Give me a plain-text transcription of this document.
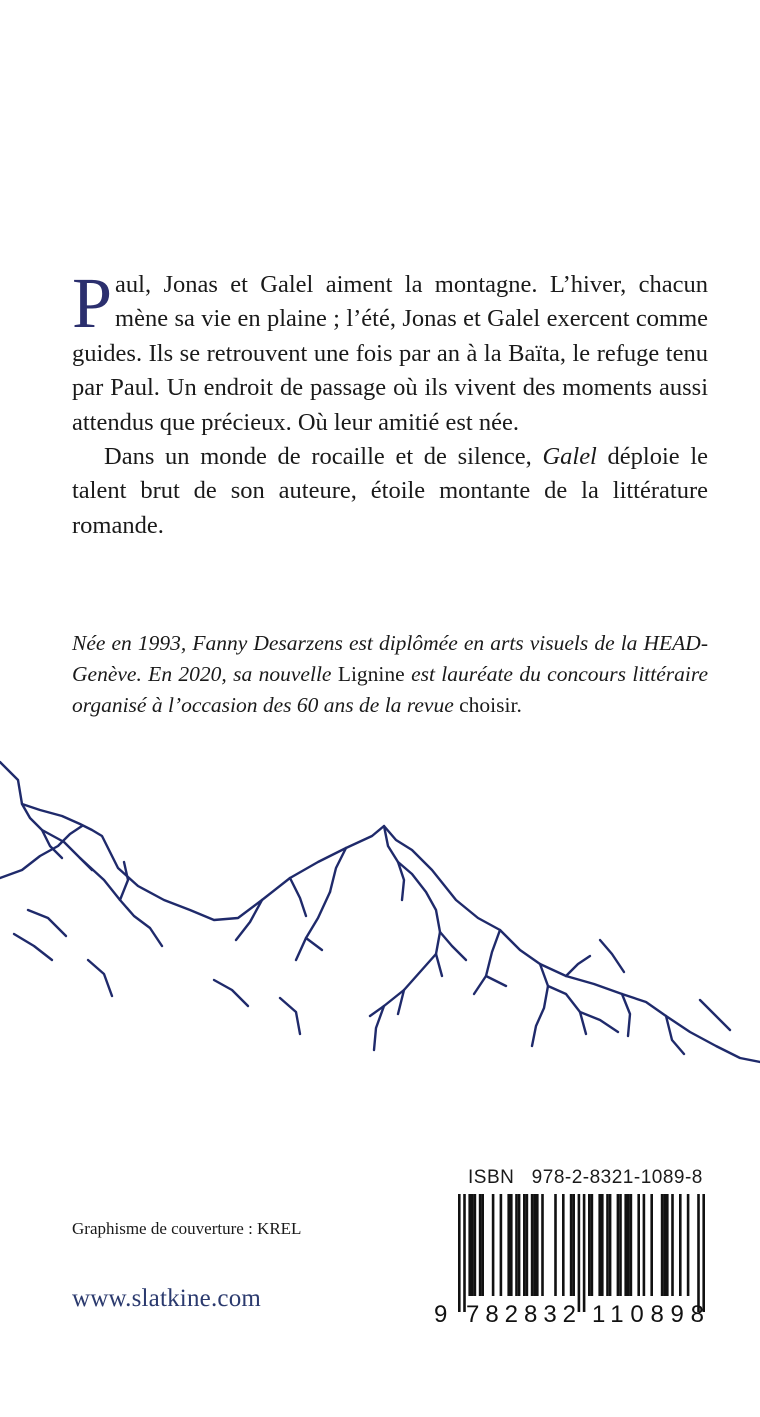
Paul, Jonas et Galel aiment la montagne. L’hiver, chacun mène sa vie en plaine ; l’été, Jonas et Galel exercent comme guides. Ils se retrouvent une fois par an à la Baïta, le refuge tenu par Paul. Un endroit de passage où ils vivent des moments aussi attendus que précieux. Où leur amitié est née.

Dans un monde de rocaille et de silence, Galel déploie le talent brut de son auteure, étoile montante de la littérature romande.

Née en 1993, Fanny Desarzens est diplômée en arts visuels de la HEAD-Genève. En 2020, sa nouvelle Lignine est lauréate du concours littéraire organisé à l’occasion des 60 ans de la revue choisir.
Graphisme de couverture : KREL
www.slatkine.com
ISBN   978-2-8321-1089-8
9 782832 110898
